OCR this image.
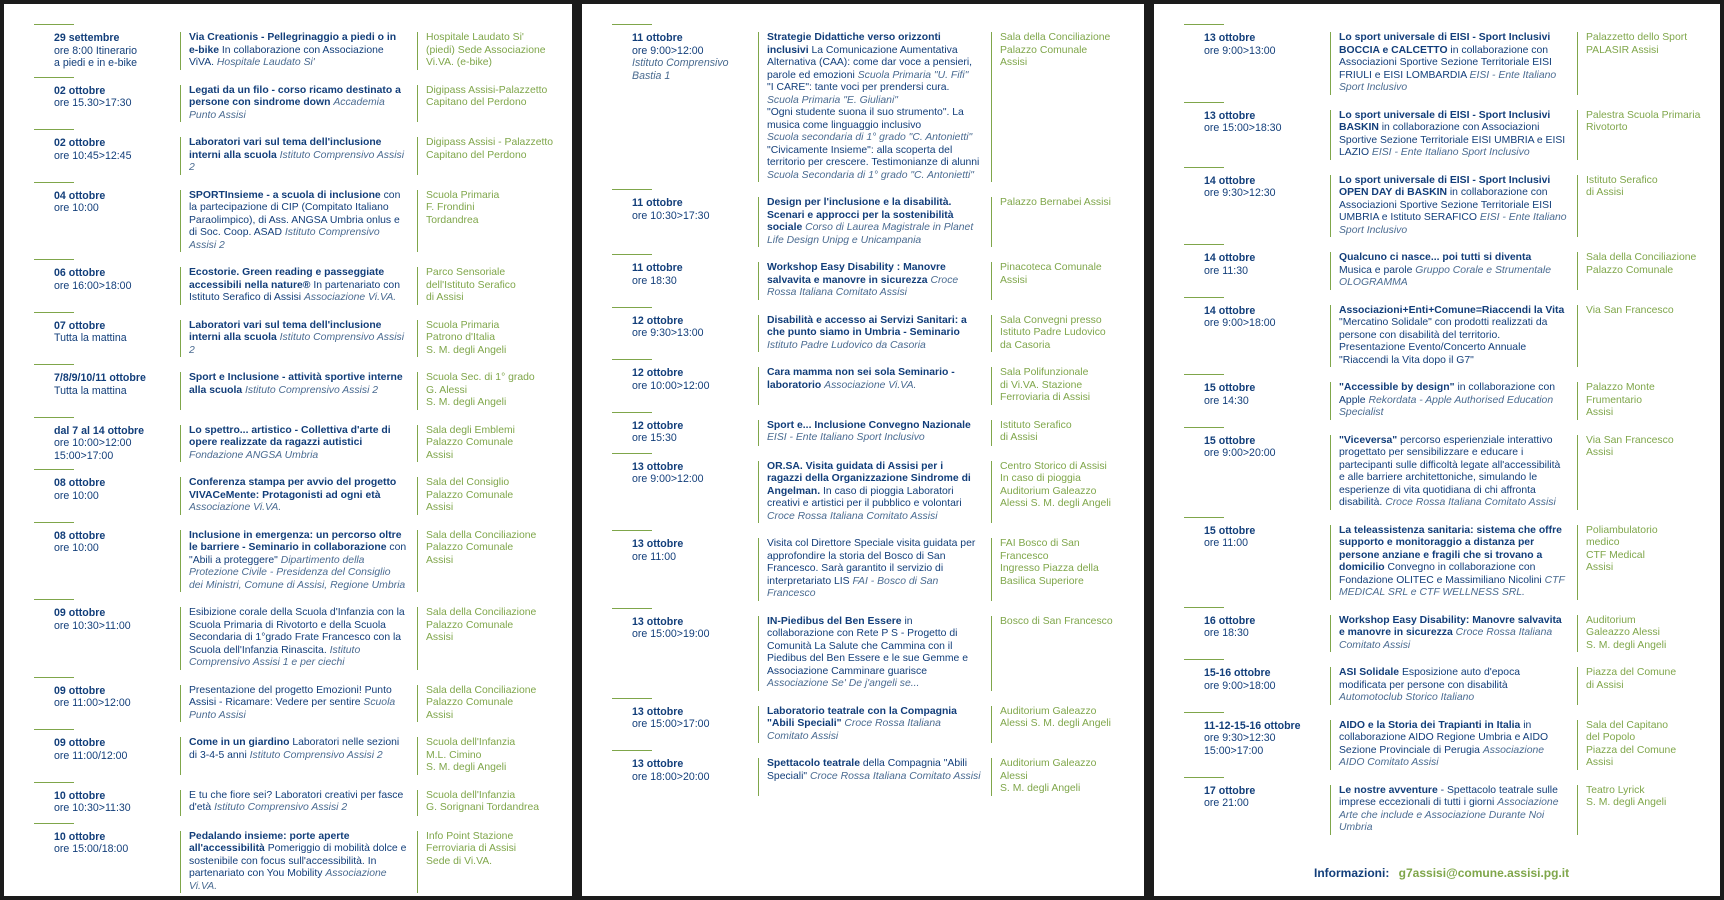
29 settembre
ore 8:00 Itinerario
a piedi e in e-bike
Via Creationis - Pellegrinaggio a piedi o in e-bike In collaborazione con Associazione ViVA. Hospitale Laudato Si'
Hospitale Laudato Si'
(piedi) Sede Associazione
Vi.VA. (e-bike)
02 ottobre
ore 15.30>17:30
Legati da un filo - corso ricamo destinato a persone con sindrome down Accademia Punto Assisi
Digipass Assisi-Palazzetto
Capitano del Perdono
02 ottobre
ore 10:45>12:45
Laboratori vari sul tema dell'inclusione interni alla scuola Istituto Comprensivo Assisi 2
Digipass Assisi - Palazzetto
Capitano del Perdono
04 ottobre
ore 10:00
SPORTInsieme - a scuola di inclusione con la partecipazione di CIP (Compitato Italiano Paraolimpico), di Ass. ANGSA Umbria onlus e di Soc. Coop. ASAD Istituto Comprensivo Assisi 2
Scuola Primaria
F. Frondini
Tordandrea
06 ottobre
ore 16:00>18:00
Ecostorie. Green reading e passeggiate accessibili nella nature® In partenariato con Istituto Serafico di Assisi Associazione Vi.VA.
Parco Sensoriale
dell'Istituto Serafico
di Assisi
07 ottobre
Tutta la mattina
Laboratori vari sul tema dell'inclusione interni alla scuola Istituto Comprensivo Assisi 2
Scuola Primaria
Patrono d'Italia
S. M. degli Angeli
7/8/9/10/11 ottobre
Tutta la mattina
Sport e Inclusione - attività sportive interne alla scuola Istituto Comprensivo Assisi 2
Scuola Sec. di 1° grado
G. Alessi
S. M. degli Angeli
dal 7 al 14 ottobre
ore 10:00>12:00
15:00>17:00
Lo spettro... artistico - Collettiva d'arte di opere realizzate da ragazzi autistici Fondazione ANGSA Umbria
Sala degli Emblemi
Palazzo Comunale
Assisi
08 ottobre
ore 10:00
Conferenza stampa per avvio del progetto VIVACeMente: Protagonisti ad ogni età Associazione Vi.VA.
Sala del Consiglio
Palazzo Comunale
Assisi
08 ottobre
ore 10:00
Inclusione in emergenza: un percorso oltre le barriere - Seminario in collaborazione con "Abili a proteggere" Dipartimento della Protezione Civile - Presidenza del Consiglio dei Ministri, Comune di Assisi, Regione Umbria
Sala della Conciliazione
Palazzo Comunale
Assisi
09 ottobre
ore 10:30>11:00
Esibizione corale della Scuola d'Infanzia con la Scuola Primaria di Rivotorto e della Scuola Secondaria di 1°grado Frate Francesco con la Scuola dell'Infanzia Rinascita. Istituto Comprensivo Assisi 1 e per ciechi
Sala della Conciliazione
Palazzo Comunale
Assisi
09 ottobre
ore 11:00>12:00
Presentazione del progetto Emozioni! Punto Assisi - Ricamare: Vedere per sentire Scuola Punto Assisi
Sala della Conciliazione
Palazzo Comunale
Assisi
09 ottobre
ore 11:00/12:00
Come in un giardino Laboratori nelle sezioni di 3-4-5 anni Istituto Comprensivo Assisi 2
Scuola dell'Infanzia
M.L. Cimino
S. M. degli Angeli
10 ottobre
ore 10:30>11:30
E tu che fiore sei? Laboratori creativi per fasce d'età Istituto Comprensivo Assisi 2
Scuola dell'Infanzia
G. Sorignani Tordandrea
10 ottobre
ore 15:00/18:00
Pedalando insieme: porte aperte all'accessibilità Pomeriggio di mobilità dolce e sostenibile con focus sull'accessibilità. In partenariato con You Mobility Associazione Vi.VA.
Info Point Stazione
Ferroviaria di Assisi
Sede di Vi.VA.
11 ottobre
ore 9:00>12:00
Istituto Comprensivo Bastia 1
Strategie Didattiche verso orizzonti inclusivi La Comunicazione Aumentativa Alternativa (CAA): come dar voce a pensieri, parole ed emozioni Scuola Primaria "U. Fifi"
"I CARE": tante voci per prendersi cura.
Scuola Primaria "E. Giuliani"
"Ogni studente suona il suo strumento". La musica come linguaggio inclusivo
Scuola secondaria di 1° grado "C. Antonietti"
"Civicamente Insieme": alla scoperta del territorio per crescere. Testimonianze di alunni
Scuola Secondaria di 1° grado "C. Antonietti"
Sala della Conciliazione
Palazzo Comunale
Assisi
11 ottobre
ore 10:30>17:30
Design per l'inclusione e la disabilità. Scenari e approcci per la sostenibilità sociale Corso di Laurea Magistrale in Planet Life Design Unipg e Unicampania
Palazzo Bernabei Assisi
11 ottobre
ore 18:30
Workshop Easy Disability : Manovre salvavita e manovre in sicurezza Croce Rossa Italiana Comitato Assisi
Pinacoteca Comunale
Assisi
12 ottobre
ore 9:30>13:00
Disabilità e accesso ai Servizi Sanitari: a che punto siamo in Umbria - Seminario Istituto Padre Ludovico da Casoria
Sala Convegni presso
Istituto Padre Ludovico
da Casoria
12 ottobre
ore 10:00>12:00
Cara mamma non sei sola Seminario - laboratorio Associazione Vi.VA.
Sala Polifunzionale
di Vi.VA. Stazione
Ferroviaria di Assisi
12 ottobre
ore 15:30
Sport e... Inclusione Convegno Nazionale EISI - Ente Italiano Sport Inclusivo
Istituto Serafico
di Assisi
13 ottobre
ore 9:00>12:00
OR.SA. Visita guidata di Assisi per i ragazzi della Organizzazione Sindrome di Angelman. In caso di pioggia Laboratori creativi e artistici per il pubblico e volontari Croce Rossa Italiana Comitato Assisi
Centro Storico di Assisi
In caso di pioggia
Auditorium Galeazzo
Alessi S. M. degli Angeli
13 ottobre
ore 11:00
Visita col Direttore Speciale visita guidata per approfondire la storia del Bosco di San Francesco. Sarà garantito il servizio di interpretariato LIS FAI - Bosco di San Francesco
FAI Bosco di San Francesco
Ingresso Piazza della
Basilica Superiore
13 ottobre
ore 15:00>19:00
IN-Piedibus del Ben Essere in collaborazione con Rete P S - Progetto di Comunità La Salute che Cammina con il Piedibus del Ben Essere e le sue Gemme e Associazione Camminare guarisce Associazione Se' De j'angeli se...
Bosco di San Francesco
13 ottobre
ore 15:00>17:00
Laboratorio teatrale con la Compagnia "Abili Speciali" Croce Rossa Italiana Comitato Assisi
Auditorium Galeazzo
Alessi S. M. degli Angeli
13 ottobre
ore 18:00>20:00
Spettacolo teatrale della Compagnia "Abili Speciali" Croce Rossa Italiana Comitato Assisi
Auditorium Galeazzo
Alessi
S. M. degli Angeli
13 ottobre
ore 9:00>13:00
Lo sport universale di EISI - Sport Inclusivi BOCCIA e CALCETTO in collaborazione con Associazioni Sportive Sezione Territoriale EISI FRIULI e EISI LOMBARDIA EISI - Ente Italiano Sport Inclusivo
Palazzetto dello Sport
PALASIR Assisi
13 ottobre
ore 15:00>18:30
Lo sport universale di EISI - Sport Inclusivi BASKIN in collaborazione con Associazioni Sportive Sezione Territoriale EISI UMBRIA e EISI LAZIO EISI - Ente Italiano Sport Inclusivo
Palestra Scuola Primaria
Rivotorto
14 ottobre
ore 9:30>12:30
Lo sport universale di EISI - Sport Inclusivi OPEN DAY di BASKIN in collaborazione con Associazioni Sportive Sezione Territoriale EISI UMBRIA e Istituto SERAFICO EISI - Ente Italiano Sport Inclusivo
Istituto Serafico
di Assisi
14 ottobre
ore 11:30
Qualcuno ci nasce... poi tutti si diventa Musica e parole Gruppo Corale e Strumentale OLOGRAMMA
Sala della Conciliazione
Palazzo Comunale
14 ottobre
ore 9:00>18:00
Associazioni+Enti+Comune=Riaccendi la Vita "Mercatino Solidale" con prodotti realizzati da persone con disabilità del territorio. Presentazione Evento/Concerto Annuale "Riaccendi la Vita dopo il G7"
Via San Francesco
15 ottobre
ore 14:30
"Accessible by design" in collaborazione con Apple Rekordata - Apple Authorised Education Specialist
Palazzo Monte
Frumentario
Assisi
15 ottobre
ore 9:00>20:00
"Viceversa" percorso esperienziale interattivo progettato per sensibilizzare e educare i partecipanti sulle difficoltà legate all'accessibilità e alle barriere architettoniche, simulando le esperienze di vita quotidiana di chi affronta disabilità. Croce Rossa Italiana Comitato Assisi
Via San Francesco
Assisi
15 ottobre
ore 11:00
La teleassistenza sanitaria: sistema che offre supporto e monitoraggio a distanza per persone anziane e fragili che si trovano a domicilio Convegno in collaborazione con Fondazione OLITEC e Massimiliano Nicolini CTF MEDICAL SRL e CTF WELLNESS SRL.
Poliambulatorio
medico
CTF Medical
Assisi
16 ottobre
ore 18:30
Workshop Easy Disability: Manovre salvavita e manovre in sicurezza Croce Rossa Italiana Comitato Assisi
Auditorium
Galeazzo Alessi
S. M. degli Angeli
15-16 ottobre
ore 9:00>18:00
ASI Solidale Esposizione auto d'epoca modificata per persone con disabilità Automotoclub Storico Italiano
Piazza del Comune
di Assisi
11-12-15-16 ottobre
ore 9:30>12:30
15:00>17:00
AIDO e la Storia dei Trapianti in Italia in collaborazione AIDO Regione Umbria e AIDO Sezione Provinciale di Perugia Associazione AIDO Comitato Assisi
Sala del Capitano
del Popolo
Piazza del Comune
Assisi
17 ottobre
ore 21:00
Le nostre avventure - Spettacolo teatrale sulle imprese eccezionali di tutti i giorni Associazione Arte che include e Associazione Durante Noi Umbria
Teatro Lyrick
S. M. degli Angeli
Informazioni: g7assisi@comune.assisi.pg.it
